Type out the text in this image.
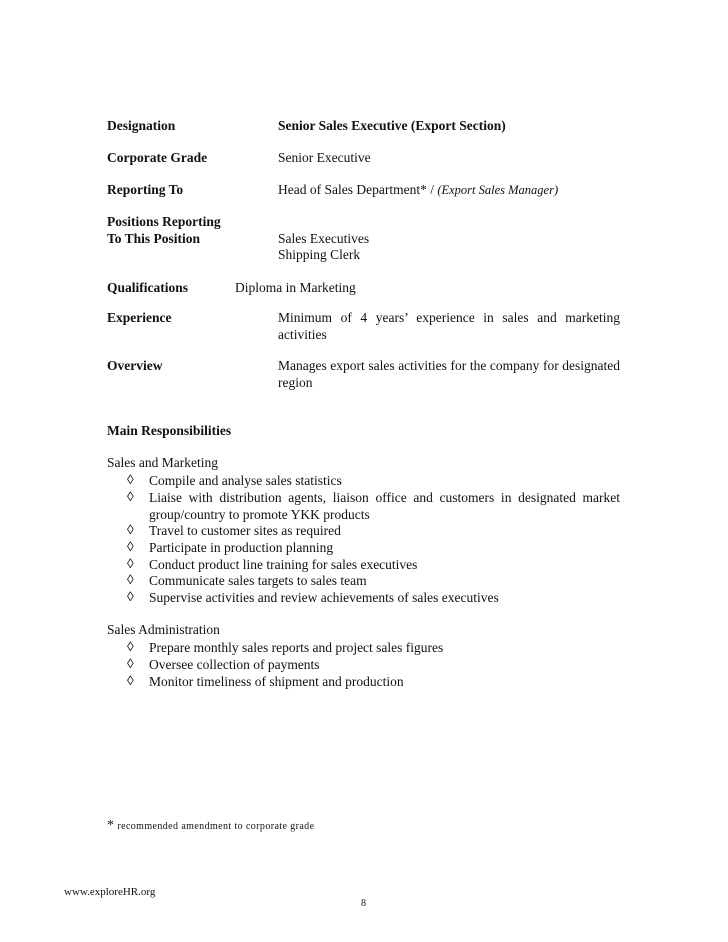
Designation	Senior Sales Executive (Export Section)
Corporate Grade	Senior Executive
Reporting To	Head of Sales Department* / (Export Sales Manager)
Positions Reporting
To This Position	Sales Executives
Shipping Clerk
Qualifications	Diploma in Marketing
Experience	Minimum of 4 years’ experience in sales and marketing activities
Overview	Manages export sales activities for the company for designated region
Main Responsibilities
Sales and Marketing
◊ Compile and analyse sales statistics
◊ Liaise with distribution agents, liaison office and customers in designated market group/country to promote YKK products
◊ Travel to customer sites as required
◊ Participate in production planning
◊ Conduct product line training for sales executives
◊ Communicate sales targets to sales team
◊ Supervise activities and review achievements of sales executives
Sales Administration
◊ Prepare monthly sales reports and project sales figures
◊ Oversee collection of payments
◊ Monitor timeliness of shipment and production
* recommended amendment to corporate grade
www.exploreHR.org
8
